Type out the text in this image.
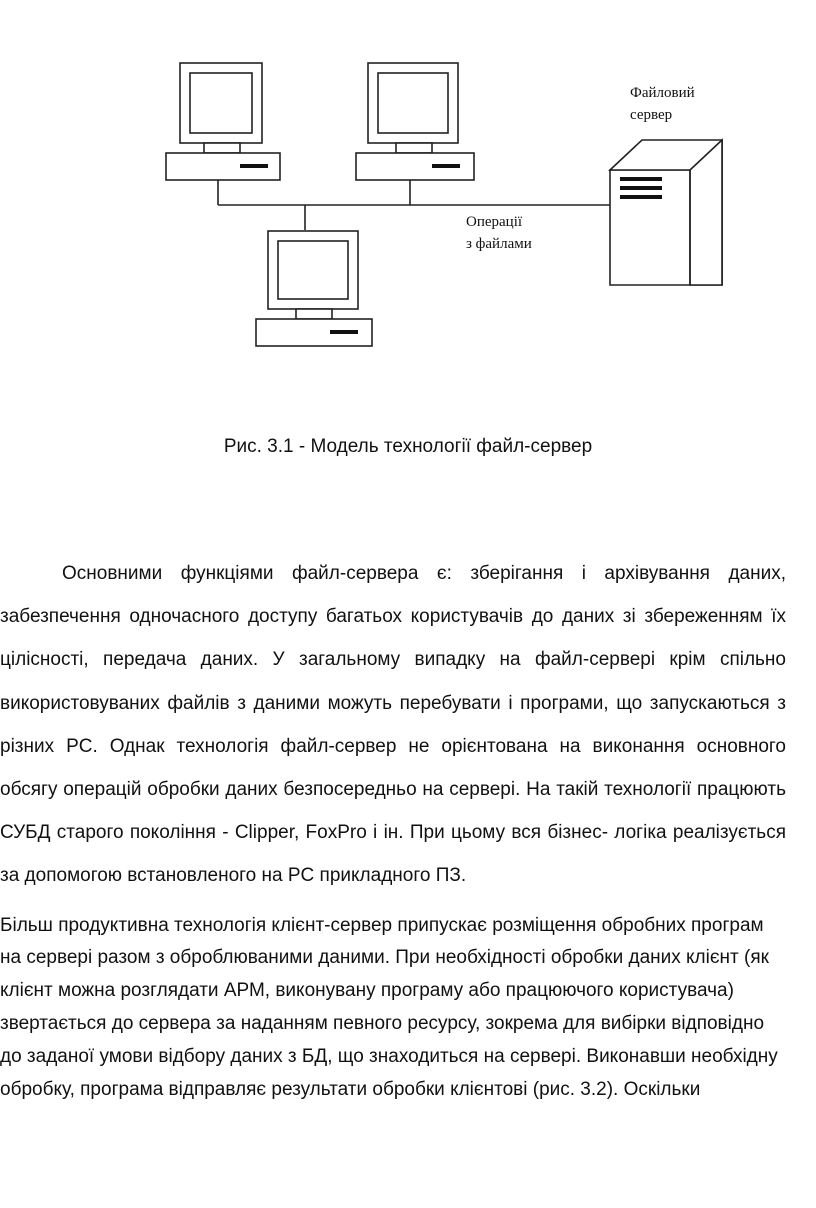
Файловий
сервер
Операції
з файлами
Рис. 3.1 - Модель технології файл-сервер

Основними функціями файл-сервера є: зберігання і архівування даних, забезпечення одночасного доступу багатьох користувачів до даних зі збереженням їх цілісності, передача даних. У загальному випадку на файл-сервері крім спільно використовуваних файлів з даними можуть перебувати і програми, що запускаються з різних PC. Однак технологія файл-сервер не орієнтована на виконання основного обсягу операцій обробки даних безпосередньо на сервері. На такій технології працюють СУБД старого покоління - Clipper, FoxPro і ін. При цьому вся бізнес- логіка реалізується за допомогою встановленого на PC прикладного ПЗ.

Більш продуктивна технологія клієнт-сервер припускає розміщення обробних програм на сервері разом з оброблюваними даними. При необхідності обробки даних клієнт (як клієнт можна розглядати АРМ, виконувану програму або працюючого користувача) звертається до сервера за наданням певного ресурсу, зокрема для вибірки відповідно до заданої умови відбору даних з БД, що знаходиться на сервері. Виконавши необхідну обробку, програма відправляє результати обробки клієнтові (рис. 3.2). Оскільки
